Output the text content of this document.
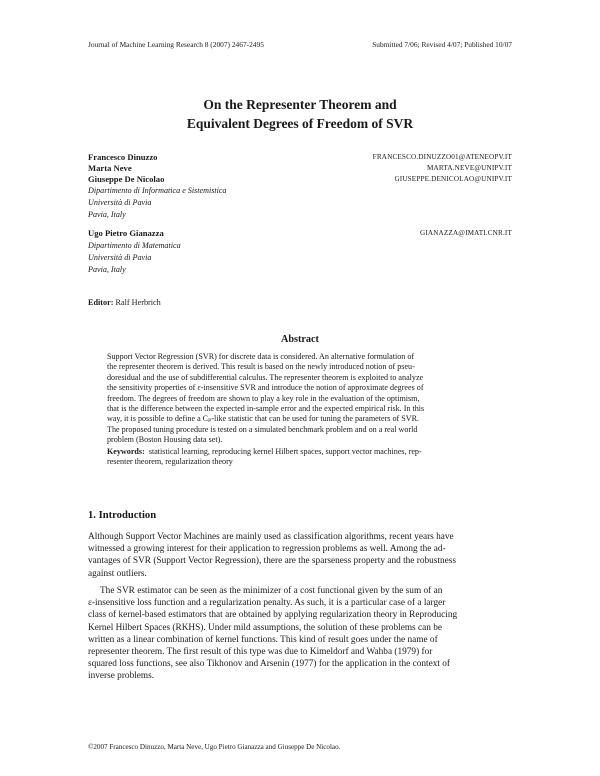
Journal of Machine Learning Research 8 (2007) 2467-2495	Submitted 7/06; Revised 4/07; Published 10/07
On the Representer Theorem and
Equivalent Degrees of Freedom of SVR
Francesco Dinuzzo	FRANCESCO.DINUZZO01@ATENEOPV.IT
Marta Neve	MARTA.NEVE@UNIPV.IT
Giuseppe De Nicolao	GIUSEPPE.DENICOLAO@UNIPV.IT
Dipartimento di Informatica e Sistemistica
Università di Pavia
Pavia, Italy
Ugo Pietro Gianazza	GIANAZZA@IMATI.CNR.IT
Dipartimento di Matematica
Università di Pavia
Pavia, Italy
Editor: Ralf Herbrich
Abstract
Support Vector Regression (SVR) for discrete data is considered. An alternative formulation of
the representer theorem is derived. This result is based on the newly introduced notion of pseu-
doresidual and the use of subdifferential calculus. The representer theorem is exploited to analyze
the sensitivity properties of ε-insensitive SVR and introduce the notion of approximate degrees of
freedom. The degrees of freedom are shown to play a key role in the evaluation of the optimism,
that is the difference between the expected in-sample error and the expected empirical risk. In this
way, it is possible to define a Cₚ-like statistic that can be used for tuning the parameters of SVR.
The proposed tuning procedure is tested on a simulated benchmark problem and on a real world
problem (Boston Housing data set).
Keywords: statistical learning, reproducing kernel Hilbert spaces, support vector machines, rep-
resenter theorem, regularization theory
1. Introduction
Although Support Vector Machines are mainly used as classification algorithms, recent years have
witnessed a growing interest for their application to regression problems as well. Among the ad-
vantages of SVR (Support Vector Regression), there are the sparseness property and the robustness
against outliers.
The SVR estimator can be seen as the minimizer of a cost functional given by the sum of an
ε-insensitive loss function and a regularization penalty. As such, it is a particular case of a larger
class of kernel-based estimators that are obtained by applying regularization theory in Reproducing
Kernel Hilbert Spaces (RKHS). Under mild assumptions, the solution of these problems can be
written as a linear combination of kernel functions. This kind of result goes under the name of
representer theorem. The first result of this type was due to Kimeldorf and Wahba (1979) for
squared loss functions, see also Tikhonov and Arsenin (1977) for the application in the context of
inverse problems.
©2007 Francesco Dinuzzo, Marta Neve, Ugo Pietro Gianazza and Giuseppe De Nicolao.
